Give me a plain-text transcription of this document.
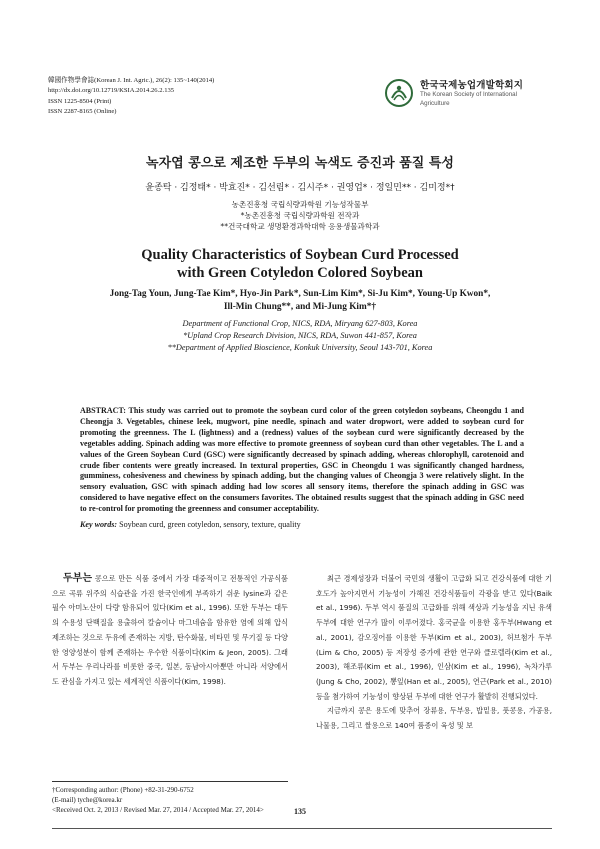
韓國作物學會誌(Korean J. Int. Agric.), 26(2): 135~140(2014)
http://dx.doi.org/10.12719/KSIA.2014.26.2.135
ISSN 1225-8504 (Print)
ISSN 2287-8165 (Online)
한국국제농업개발학회지
The Korean Society of International
Agriculture
녹자엽 콩으로 제조한 두부의 녹색도 증진과 품질 특성
윤종탁 · 김정태* · 박효진* · 김선림* · 김시주* · 권영업* · 정일민** · 김미정*†
농촌진흥청 국립식량과학원 기능성작물부
*농촌진흥청 국립식량과학원 전작과
**건국대학교 생명환경과학대학 응용생물과학과
Quality Characteristics of Soybean Curd Processed
with Green Cotyledon Colored Soybean
Jong-Tag Youn, Jung-Tae Kim*, Hyo-Jin Park*, Sun-Lim Kim*, Si-Ju Kim*, Young-Up Kwon*,
Ill-Min Chung**, and Mi-Jung Kim*†
Department of Functional Crop, NICS, RDA, Miryang 627-803, Korea
*Upland Crop Research Division, NICS, RDA, Suwon 441-857, Korea
**Department of Applied Bioscience, Konkuk University, Seoul 143-701, Korea
ABSTRACT: This study was carried out to promote the soybean curd color of the green cotyledon soybeans, Cheongdu 1 and Cheongja 3. Vegetables, chinese leek, mugwort, pine needle, spinach and water dropwort, were added to soybean curd for promoting the greenness. The L (lightness) and a (redness) values of the soybean curd were significantly decreased by the vegetables adding. Spinach adding was more effective to promote greenness of soybean curd than other vegetables. The L and a values of the Green Soybean Curd (GSC) were significantly decreased by spinach adding, whereas chlorophyll, carotenoid and crude fiber contents were greatly increased. In textural properties, GSC in Cheongdu 1 was significantly changed hardness, gumminess, cohesiveness and chewiness by spinach adding, but the changing values of Cheongja 3 were relatively slight. In the sensory evaluation, GSC with spinach adding had low scores all sensory items, therefore the spinach adding in GSC was considered to have negative effect on the consumers favorites. The obtained results suggest that the spinach adding in GSC need to re-control for promoting the greenness and consumer acceptability.
Key words: Soybean curd, green cotyledon, sensory, texture, quality

두부는 콩으로 만든 식품 중에서 가장 대중적이고 전통적인 가공식품으로 곡류 위주의 식습관을 가진 한국인에게 부족하기 쉬운 lysine과 같은 필수 아미노산이 다량 함유되어 있다(Kim et al., 1996). 또한 두부는 대두의 수용성 단백질을 용출하여 칼슘이나 마그네슘을 함유한 염에 의해 압식 제조하는 것으로 두유에 존재하는 지방, 탄수화물, 비타민 및 무기질 등 다양한 영양성분이 함께 존재하는 우수한 식품이다(Kim & Jeon, 2005). 그래서 두부는 우리나라를 비롯한 중국, 일본, 동남아시아뿐만 아니라 서양에서도 관심을 가지고 있는 세계적인 식품이다(Kim, 1998).

최근 경제성장과 더불어 국민의 생활이 고급화 되고 건강식품에 대한 기호도가 높아지면서 기능성이 가해진 건강식품들이 각광을 받고 있다(Baik et al., 1996). 두부 역시 품질의 고급화를 위해 색상과 기능성을 지닌 유색두부에 대한 연구가 많이 이루어졌다. 홍국균을 이용한 홍두부(Hwang et al., 2001), 감오징어를 이용한 두부(Kim et al., 2003), 허브첨가 두부(Lim & Cho, 2005) 등 저장성 증가에 관한 연구와 클로렐라(Kim et al., 2003), 해조류(Kim et al., 1996), 인삼(Kim et al., 1996), 녹차가루(Jung & Cho, 2002), 뽕잎(Han et al., 2005), 연근(Park et al., 2010) 등을 첨가하여 기능성이 향상된 두부에 대한 연구가 활발히 진행되었다.

지금까지 콩은 용도에 맞추어 장류용, 두부용, 밥밑용, 풋콩용, 가공용, 나물용, 그리고 쌀용으로 140여 품종이 육성 및 보

†Corresponding author: (Phone) +82-31-290-6752
(E-mail) tyche@korea.kr
<Received Oct. 2, 2013 / Revised Mar. 27, 2014 / Accepted Mar. 27, 2014>	135
